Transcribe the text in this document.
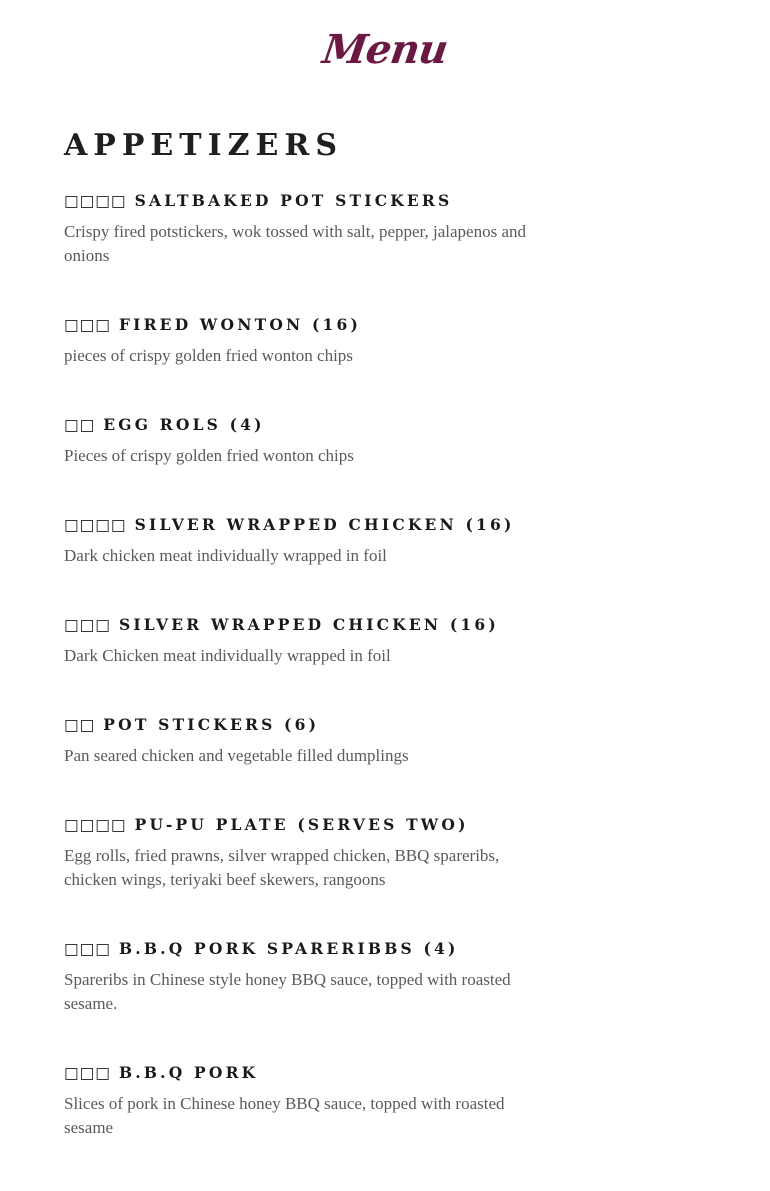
Menu
APPETIZERS
□□□□ SALTBAKED POT STICKERS
Crispy fired potstickers, wok tossed with salt, pepper, jalapenos and onions
□□□ FIRED WONTON (16)
pieces of crispy golden fried wonton chips
□□ EGG ROLS (4)
Pieces of crispy golden fried wonton chips
□□□□ SILVER WRAPPED CHICKEN (16)
Dark chicken meat individually wrapped in foil
□□□ SILVER WRAPPED CHICKEN (16)
Dark Chicken meat individually wrapped in foil
□□ POT STICKERS (6)
Pan seared chicken and vegetable filled dumplings
□□□□ PU-PU PLATE (SERVES TWO)
Egg rolls, fried prawns, silver wrapped chicken, BBQ spareribs, chicken wings, teriyaki beef skewers, rangoons
□□□ B.B.Q PORK SPARERIBBS (4)
Spareribs in Chinese style honey BBQ sauce, topped with roasted sesame.
□□□ B.B.Q PORK
Slices of pork in Chinese honey BBQ sauce, topped with roasted sesame
